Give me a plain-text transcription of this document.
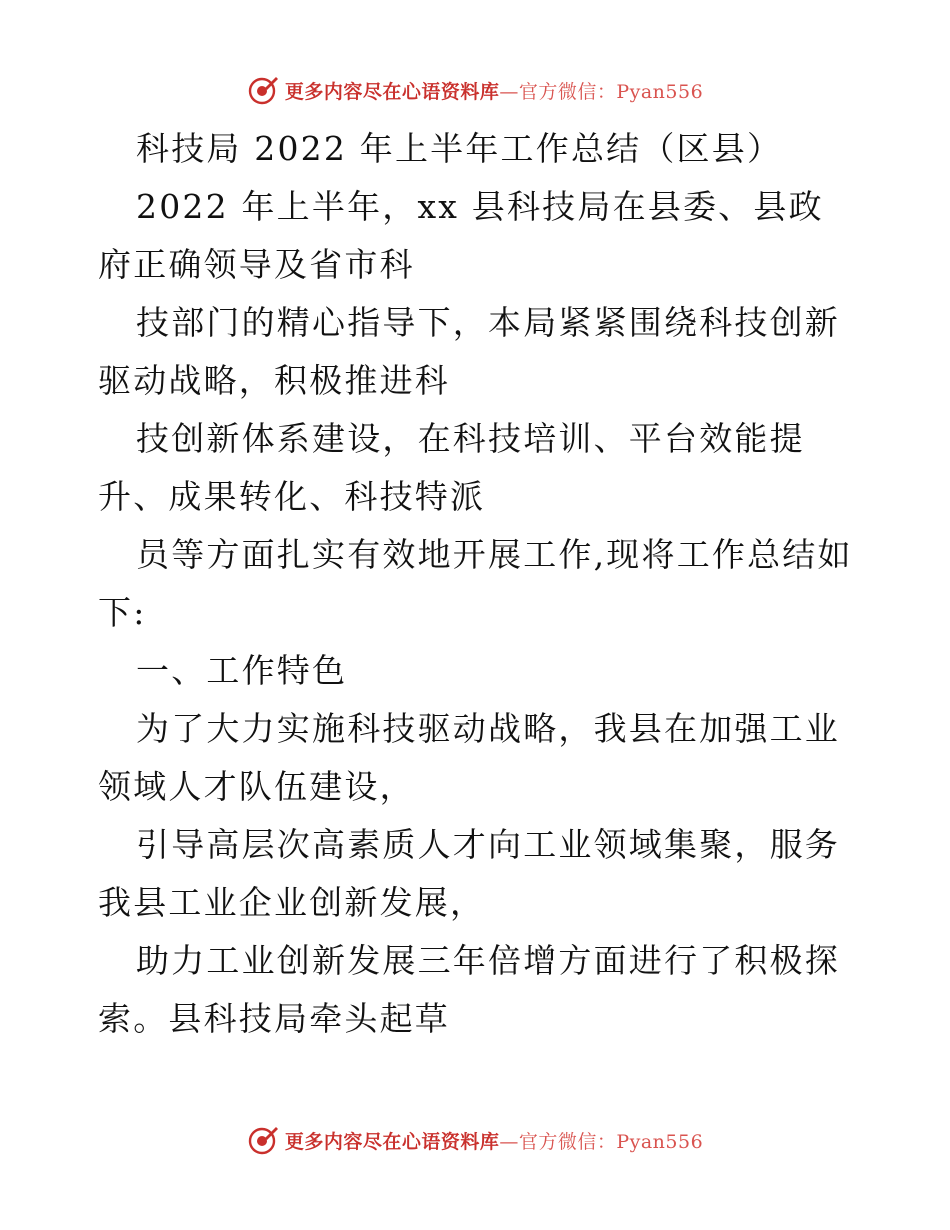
更多内容尽在心语资料库—官方微信：Pyan556

科技局 2022 年上半年工作总结（区县）

2022 年上半年，xx 县科技局在县委、县政府正确领导及省市科

技部门的精心指导下，本局紧紧围绕科技创新驱动战略，积极推进科

技创新体系建设，在科技培训、平台效能提升、成果转化、科技特派

员等方面扎实有效地开展工作,现将工作总结如下:

一、工作特色

为了大力实施科技驱动战略，我县在加强工业领域人才队伍建设，

引导高层次高素质人才向工业领域集聚，服务我县工业企业创新发展，

助力工业创新发展三年倍增方面进行了积极探索。县科技局牵头起草

更多内容尽在心语资料库—官方微信：Pyan556
